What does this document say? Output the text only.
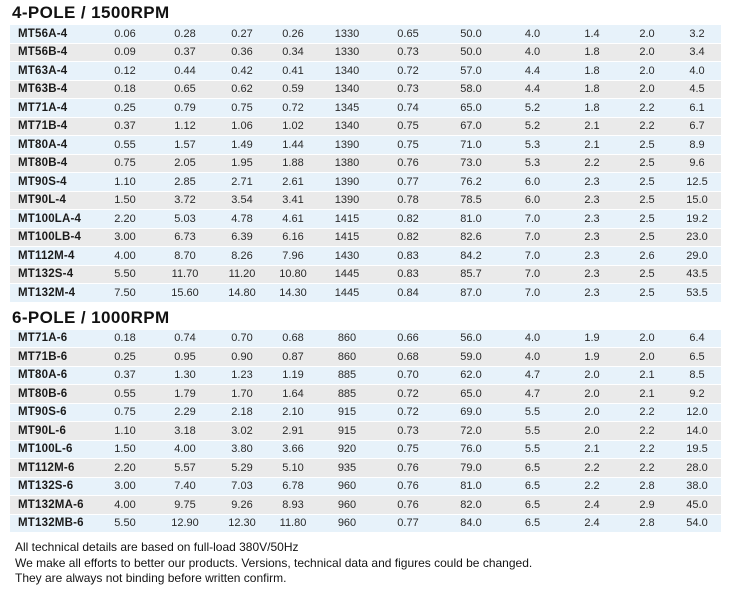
4-POLE / 1500RPM
MT56A-4	0.06	0.28	0.27	0.26	1330	0.65	50.0	4.0	1.4	2.0	3.2
MT56B-4	0.09	0.37	0.36	0.34	1330	0.73	50.0	4.0	1.8	2.0	3.4
MT63A-4	0.12	0.44	0.42	0.41	1340	0.72	57.0	4.4	1.8	2.0	4.0
MT63B-4	0.18	0.65	0.62	0.59	1340	0.73	58.0	4.4	1.8	2.0	4.5
MT71A-4	0.25	0.79	0.75	0.72	1345	0.74	65.0	5.2	1.8	2.2	6.1
MT71B-4	0.37	1.12	1.06	1.02	1340	0.75	67.0	5.2	2.1	2.2	6.7
MT80A-4	0.55	1.57	1.49	1.44	1390	0.75	71.0	5.3	2.1	2.5	8.9
MT80B-4	0.75	2.05	1.95	1.88	1380	0.76	73.0	5.3	2.2	2.5	9.6
MT90S-4	1.10	2.85	2.71	2.61	1390	0.77	76.2	6.0	2.3	2.5	12.5
MT90L-4	1.50	3.72	3.54	3.41	1390	0.78	78.5	6.0	2.3	2.5	15.0
MT100LA-4	2.20	5.03	4.78	4.61	1415	0.82	81.0	7.0	2.3	2.5	19.2
MT100LB-4	3.00	6.73	6.39	6.16	1415	0.82	82.6	7.0	2.3	2.5	23.0
MT112M-4	4.00	8.70	8.26	7.96	1430	0.83	84.2	7.0	2.3	2.6	29.0
MT132S-4	5.50	11.70	11.20	10.80	1445	0.83	85.7	7.0	2.3	2.5	43.5
MT132M-4	7.50	15.60	14.80	14.30	1445	0.84	87.0	7.0	2.3	2.5	53.5
6-POLE / 1000RPM
MT71A-6	0.18	0.74	0.70	0.68	860	0.66	56.0	4.0	1.9	2.0	6.4
MT71B-6	0.25	0.95	0.90	0.87	860	0.68	59.0	4.0	1.9	2.0	6.5
MT80A-6	0.37	1.30	1.23	1.19	885	0.70	62.0	4.7	2.0	2.1	8.5
MT80B-6	0.55	1.79	1.70	1.64	885	0.72	65.0	4.7	2.0	2.1	9.2
MT90S-6	0.75	2.29	2.18	2.10	915	0.72	69.0	5.5	2.0	2.2	12.0
MT90L-6	1.10	3.18	3.02	2.91	915	0.73	72.0	5.5	2.0	2.2	14.0
MT100L-6	1.50	4.00	3.80	3.66	920	0.75	76.0	5.5	2.1	2.2	19.5
MT112M-6	2.20	5.57	5.29	5.10	935	0.76	79.0	6.5	2.2	2.2	28.0
MT132S-6	3.00	7.40	7.03	6.78	960	0.76	81.0	6.5	2.2	2.8	38.0
MT132MA-6	4.00	9.75	9.26	8.93	960	0.76	82.0	6.5	2.4	2.9	45.0
MT132MB-6	5.50	12.90	12.30	11.80	960	0.77	84.0	6.5	2.4	2.8	54.0
All technical details are based on full-load 380V/50Hz
We make all efforts to better our products. Versions, technical data and figures could be changed.
They are always not binding before written confirm.
